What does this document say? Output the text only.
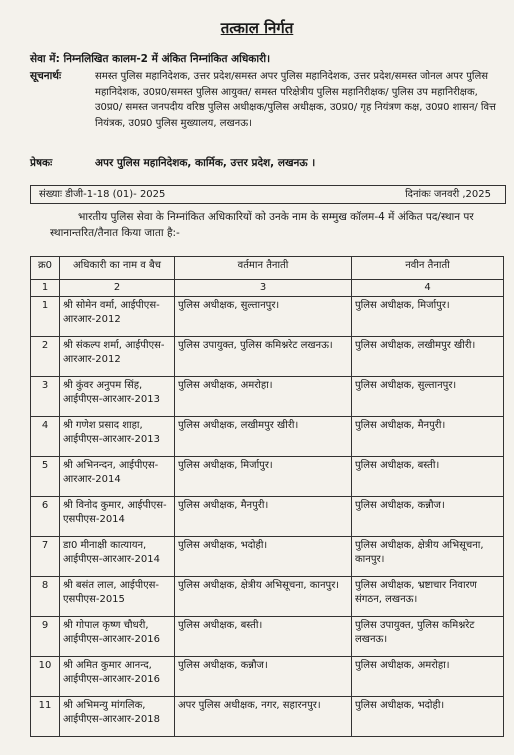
तत्काल निर्गत
सेवा में: निम्नलिखित कालम-2 में अंकित निम्नांकित अधिकारी।
सूचनार्थः	समस्त पुलिस महानिदेशक, उत्तर प्रदेश/समस्त अपर पुलिस महानिदेशक, उत्तर प्रदेश/समस्त जोनल अपर पुलिस महानिदेशक, उ0प्र0/समस्त पुलिस आयुक्त/ समस्त परिक्षेत्रीय पुलिस महानिरीक्षक/ पुलिस उप महानिरीक्षक, उ0प्र0/ समस्त जनपदीय वरिष्ठ पुलिस अधीक्षक/पुलिस अधीक्षक, उ0प्र0/ गृह नियंत्रण कक्ष, उ0प्र0 शासन/ वित्त नियंत्रक, उ0प्र0 पुलिस मुख्यालय, लखनऊ।
प्रेषकः	अपर पुलिस महानिदेशक, कार्मिक, उत्तर प्रदेश, लखनऊ ।
संख्याः डीजी-1-18 (01)- 2025	दिनांकः जनवरी ,2025
भारतीय पुलिस सेवा के निम्नांकित अधिकारियों को उनके नाम के सम्मुख कॉलम-4 में अंकित पद/स्थान पर स्थानान्तरित/तैनात किया जाता है:-
क्र0	अधिकारी का नाम व बैच	वर्तमान तैनाती	नवीन तैनाती
1	2	3	4
1	श्री सोमेन वर्मा, आईपीएस-आरआर-2012	पुलिस अधीक्षक, सुल्तानपुर।	पुलिस अधीक्षक, मिर्जापुर।
2	श्री संकल्प शर्मा, आईपीएस-आरआर-2012	पुलिस उपायुक्त, पुलिस कमिश्नरेट लखनऊ।	पुलिस अधीक्षक, लखीमपुर खीरी।
3	श्री कुंवर अनुपम सिंह, आईपीएस-आरआर-2013	पुलिस अधीक्षक, अमरोहा।	पुलिस अधीक्षक, सुल्तानपुर।
4	श्री गणेश प्रसाद शाहा, आईपीएस-आरआर-2013	पुलिस अधीक्षक, लखीमपुर खीरी।	पुलिस अधीक्षक, मैनपुरी।
5	श्री अभिनन्दन, आईपीएस-आरआर-2014	पुलिस अधीक्षक, मिर्जापुर।	पुलिस अधीक्षक, बस्ती।
6	श्री विनोद कुमार, आईपीएस-एसपीएस-2014	पुलिस अधीक्षक, मैनपुरी।	पुलिस अधीक्षक, कन्नौज।
7	डा0 मीनाक्षी कात्यायन, आईपीएस-आरआर-2014	पुलिस अधीक्षक, भदोही।	पुलिस अधीक्षक, क्षेत्रीय अभिसूचना, कानपुर।
8	श्री बसंत लाल, आईपीएस-एसपीएस-2015	पुलिस अधीक्षक, क्षेत्रीय अभिसूचना, कानपुर।	पुलिस अधीक्षक, भ्रष्टाचार निवारण संगठन, लखनऊ।
9	श्री गोपाल कृष्ण चौधरी, आईपीएस-आरआर-2016	पुलिस अधीक्षक, बस्ती।	पुलिस उपायुक्त, पुलिस कमिश्नरेट लखनऊ।
10	श्री अमित कुमार आनन्द, आईपीएस-आरआर-2016	पुलिस अधीक्षक, कन्नौज।	पुलिस अधीक्षक, अमरोहा।
11	श्री अभिमन्यु मांगलिक, आईपीएस-आरआर-2018	अपर पुलिस अधीक्षक, नगर, सहारनपुर।	पुलिस अधीक्षक, भदोही।
